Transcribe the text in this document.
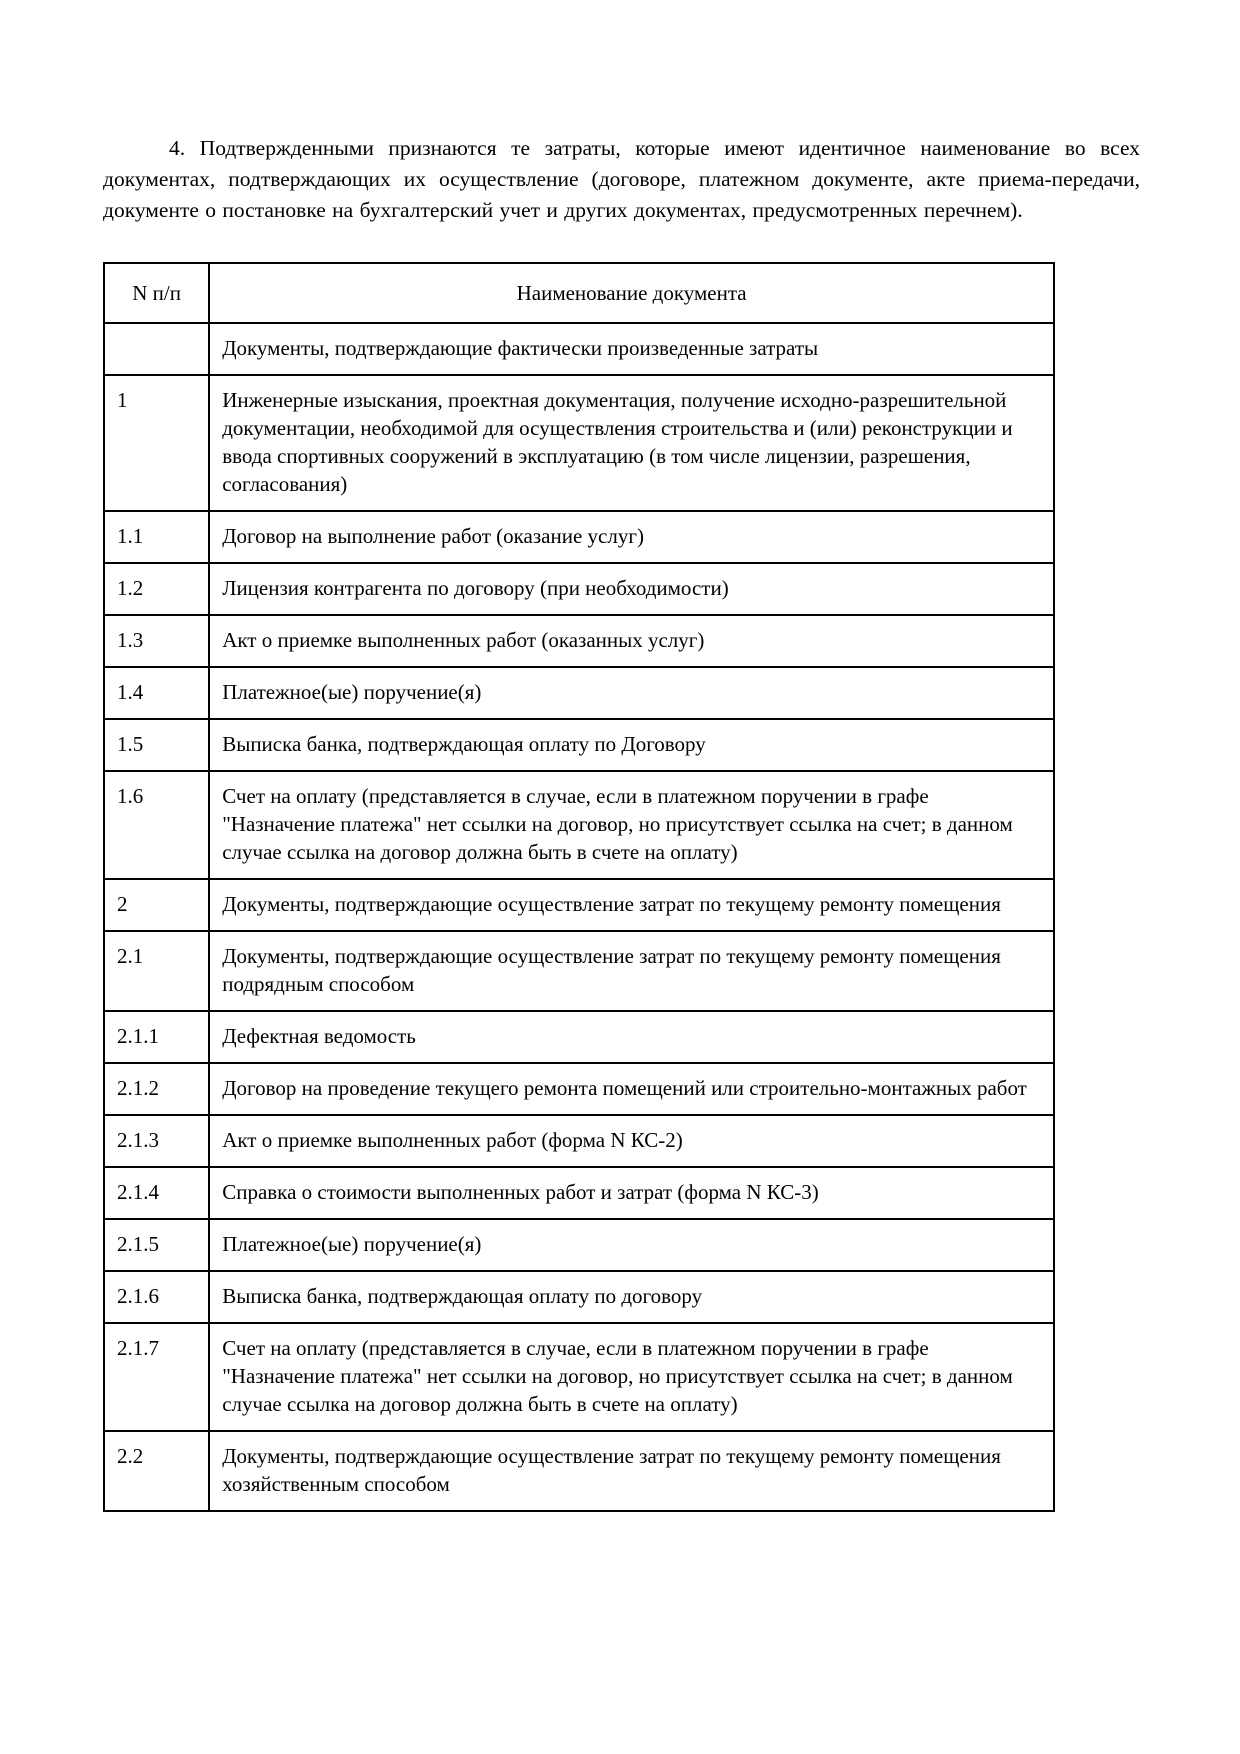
4. Подтвержденными признаются те затраты, которые имеют идентичное наименование во всех документах, подтверждающих их осуществление (договоре, платежном документе, акте приема-передачи, документе о постановке на бухгалтерский учет и других документах, предусмотренных перечнем).

N п/п	Наименование документа
	Документы, подтверждающие фактически произведенные затраты
1	Инженерные изыскания, проектная документация, получение исходно-разрешительной документации, необходимой для осуществления строительства и (или) реконструкции и ввода спортивных сооружений в эксплуатацию (в том числе лицензии, разрешения, согласования)
1.1	Договор на выполнение работ (оказание услуг)
1.2	Лицензия контрагента по договору (при необходимости)
1.3	Акт о приемке выполненных работ (оказанных услуг)
1.4	Платежное(ые) поручение(я)
1.5	Выписка банка, подтверждающая оплату по Договору
1.6	Счет на оплату (представляется в случае, если в платежном поручении в графе "Назначение платежа" нет ссылки на договор, но присутствует ссылка на счет; в данном случае ссылка на договор должна быть в счете на оплату)
2	Документы, подтверждающие осуществление затрат по текущему ремонту помещения
2.1	Документы, подтверждающие осуществление затрат по текущему ремонту помещения подрядным способом
2.1.1	Дефектная ведомость
2.1.2	Договор на проведение текущего ремонта помещений или строительно-монтажных работ
2.1.3	Акт о приемке выполненных работ (форма N КС-2)
2.1.4	Справка о стоимости выполненных работ и затрат (форма N КС-3)
2.1.5	Платежное(ые) поручение(я)
2.1.6	Выписка банка, подтверждающая оплату по договору
2.1.7	Счет на оплату (представляется в случае, если в платежном поручении в графе "Назначение платежа" нет ссылки на договор, но присутствует ссылка на счет; в данном случае ссылка на договор должна быть в счете на оплату)
2.2	Документы, подтверждающие осуществление затрат по текущему ремонту помещения хозяйственным способом
